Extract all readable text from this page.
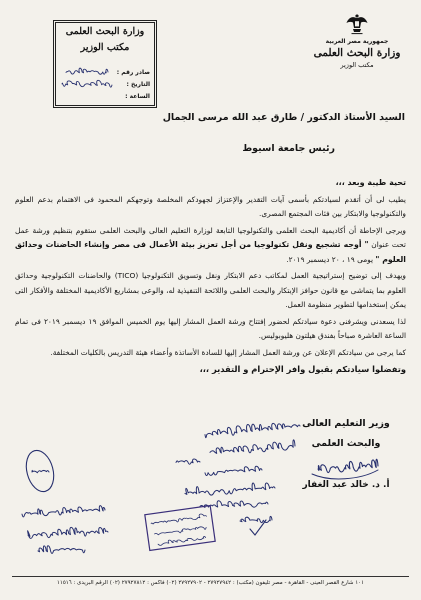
جمهورية مصر العربية
وزارة البحث العلمى
مكتب الوزير
وزارة البحث العلمى
مكتب الوزير
صادر رقم :
التاريخ :
الساعة :
السيد الأستاذ الدكتور / طارق عبد الله مرسى الجمال
رئيس جامعة اسيوط

تحية طيبة وبعد ،،،

يطيب لى أن أتقدم لسيادتكم بأسمى آيات التقدير والإعتزاز لجهودكم المخلصة وتوجهكم المحمود فى الاهتمام بدعم العلوم والتكنولوجيا والابتكار بين فئات المجتمع المصرى.

ويرجى الإحاطة أن أكاديمية البحث العلمى والتكنولوجيا التابعة لوزارة التعليم العالى والبحث العلمى ستقوم بتنظيم ورشة عمل تحت عنوان " أوجه تشجيع ونقل تكنولوجيا من أجل تعزيز بيئة الأعمال فى مصر وإنشاء الحاضنات وحدائق العلوم " يومى ١٩ ، ٢٠ ديسمبر ٢٠١٩.

ويهدف إلى توضيح إستراتيجية العمل لمكاتب دعم الابتكار ونقل وتسويق التكنولوجيا (TICO) والحاضنات التكنولوجية وحدائق العلوم بما يتماشى مع قانون حوافز الإبتكار والبحث العلمى واللائحة التنفيذية له، والوعى بمشاريع الأكاديمية المختلفة والأفكار التى يمكن إستخدامها لتطوير منظومة العمل.

لذا يسعدنى ويشرفنى دعوة سيادتكم لحضور إفتتاح ورشة العمل المشار إليها يوم الخميس الموافق ١٩ ديسمبر ٢٠١٩ فى تمام الساعة العاشرة صباحاً بفندق هيلتون هليوبوليس.

كما يرجى من سيادتكم الإعلان عن ورشة العمل المشار إليها للسادة الأساتذة وأعضاء هيئة التدريس بالكليات المختلفة.

وتفضلوا سيادتكم بقبول وافر الإحترام و التقدير ،،،

وزير التعليم العالى
والبحث العلمى
أ. د. خالد عبد الغفار
١٠١ شارع القصر العينى - القاهرة - مصر تليفون (مكتب) : ٢٧٩٢٧٩٤٢ - ٢٧٩٢٧٩٠٢ (٠٢) فاكس : ٢٧٩٢٧٨١٢ (٠٢) الرقم البريدى : ١١٥١٦
